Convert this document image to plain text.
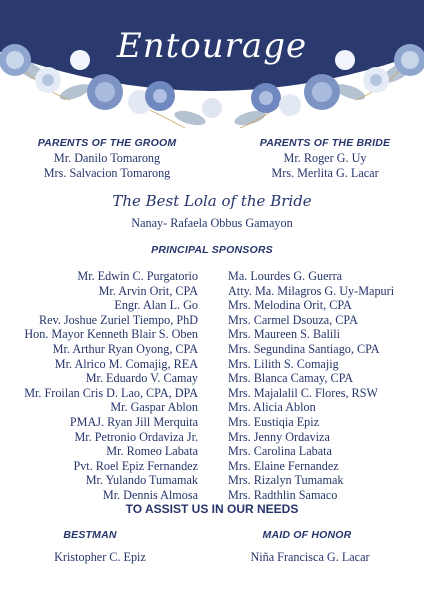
Entourage
PARENTS OF THE GROOM
Mr. Danilo Tomarong
Mrs. Salvacion Tomarong
PARENTS OF THE BRIDE
Mr. Roger G. Uy
Mrs. Merlita G. Lacar
The Best Lola of the Bride
Nanay- Rafaela Obbus Gamayon
PRINCIPAL SPONSORS
Mr. Edwin C. Purgatorio
Mr. Arvin Orit, CPA
Engr. Alan L. Go
Rev. Joshue Zuriel Tiempo, PhD
Hon. Mayor Kenneth Blair S. Oben
Mr. Arthur Ryan Oyong, CPA
Mr. Alrico M. Comajig, REA
Mr. Eduardo V. Camay
Mr. Froilan Cris D. Lao, CPA, DPA
Mr. Gaspar Ablon
PMAJ. Ryan Jill Merquita
Mr. Petronio Ordaviza Jr.
Mr. Romeo Labata
Pvt. Roel Epiz Fernandez
Mr. Yulando Tumamak
Mr. Dennis Almosa
Ma. Lourdes G. Guerra
Atty. Ma. Milagros G. Uy-Mapuri
Mrs. Melodina Orit, CPA
Mrs. Carmel Dsouza, CPA
Mrs. Maureen S. Balili
Mrs. Segundina Santiago, CPA
Mrs. Lilith S. Comajig
Mrs. Blanca Camay, CPA
Mrs. Majalalil C. Flores, RSW
Mrs. Alicia Ablon
Mrs. Eustiqia Epiz
Mrs. Jenny Ordaviza
Mrs. Carolina Labata
Mrs. Elaine Fernandez
Mrs. Rizalyn Tumamak
Mrs. Radthlin Samaco
TO ASSIST US IN OUR NEEDS
BESTMAN
Kristopher C. Epiz
MAID OF HONOR
Niña Francisca G. Lacar
